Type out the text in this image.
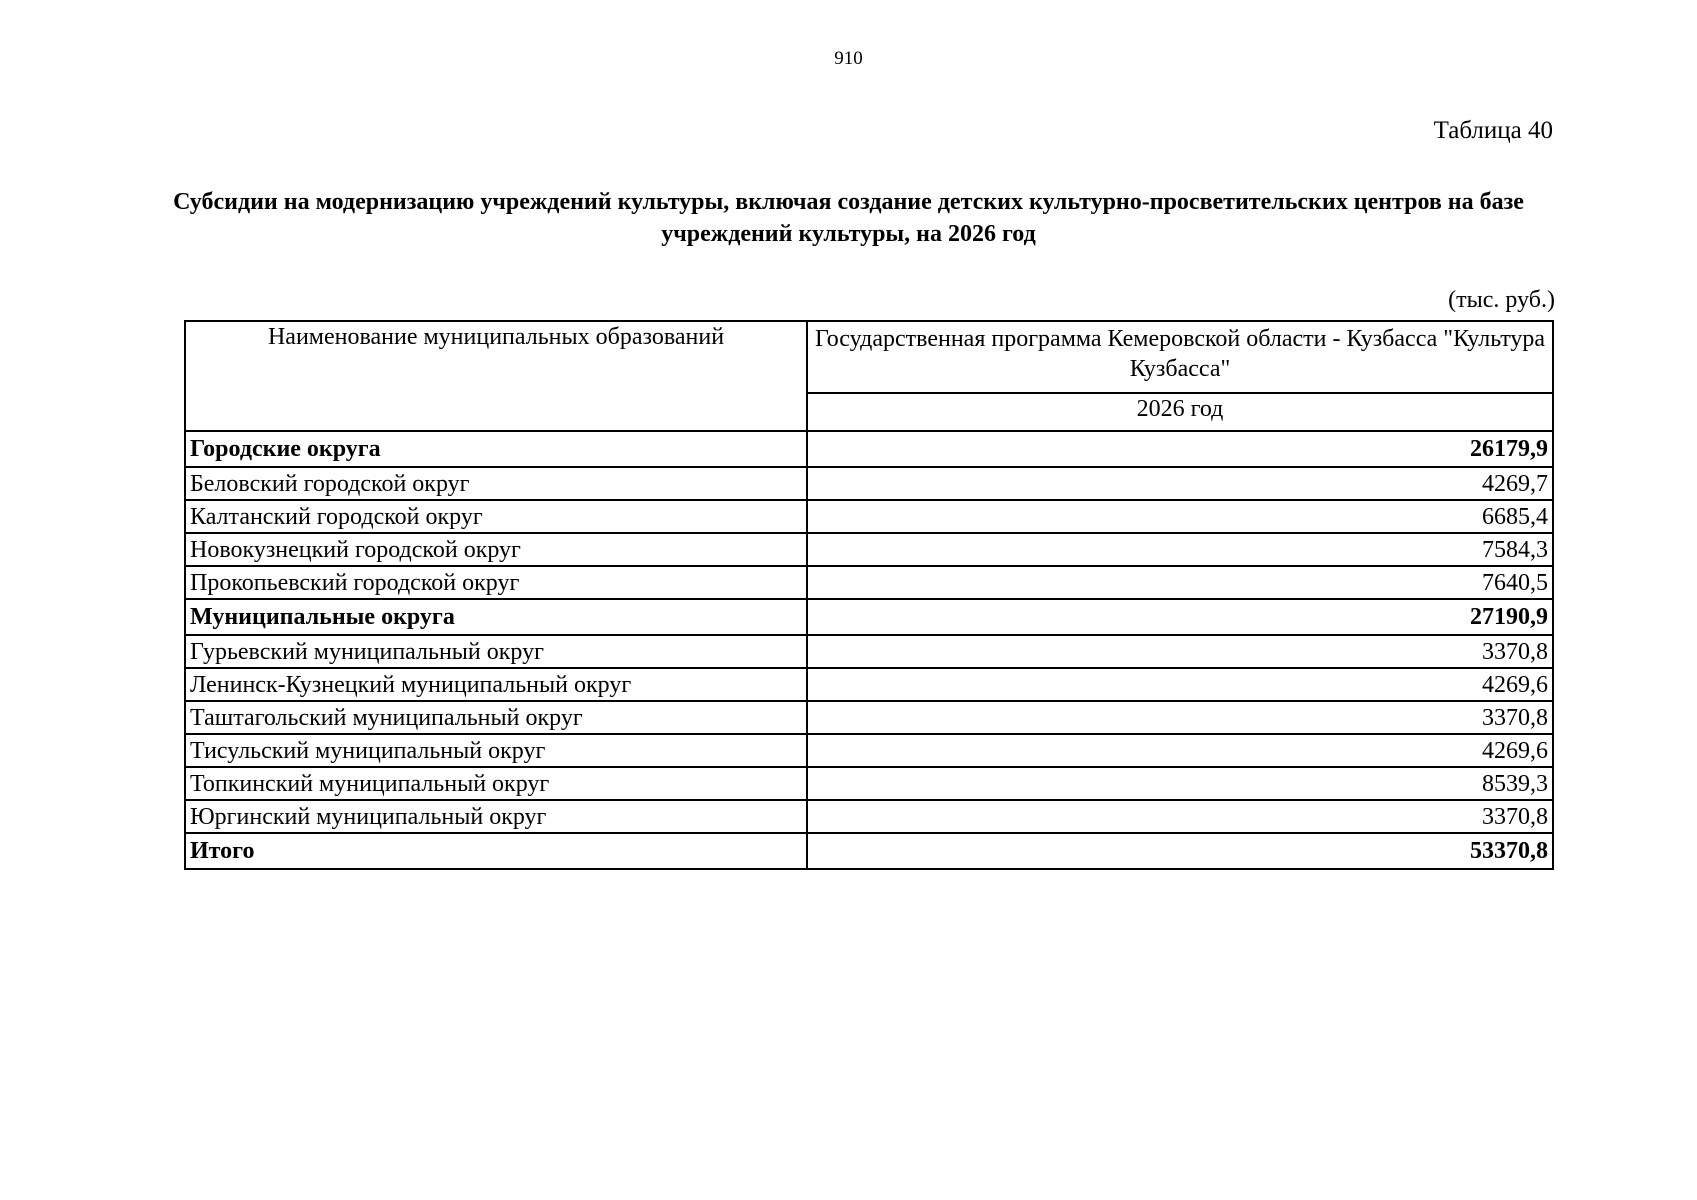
910
Таблица 40
Субсидии на модернизацию учреждений культуры, включая создание детских культурно-просветительских центров на базе учреждений культуры, на 2026 год
(тыс. руб.)
Наименование муниципальных образований	Государственная программа Кемеровской области - Кузбасса "Культура Кузбасса"
	2026 год
Городские округа	26179,9
Беловский городской округ	4269,7
Калтанский городской округ	6685,4
Новокузнецкий городской округ	7584,3
Прокопьевский городской округ	7640,5
Муниципальные округа	27190,9
Гурьевский муниципальный округ	3370,8
Ленинск-Кузнецкий муниципальный округ	4269,6
Таштагольский муниципальный округ	3370,8
Тисульский муниципальный округ	4269,6
Топкинский муниципальный округ	8539,3
Юргинский муниципальный округ	3370,8
Итого	53370,8
